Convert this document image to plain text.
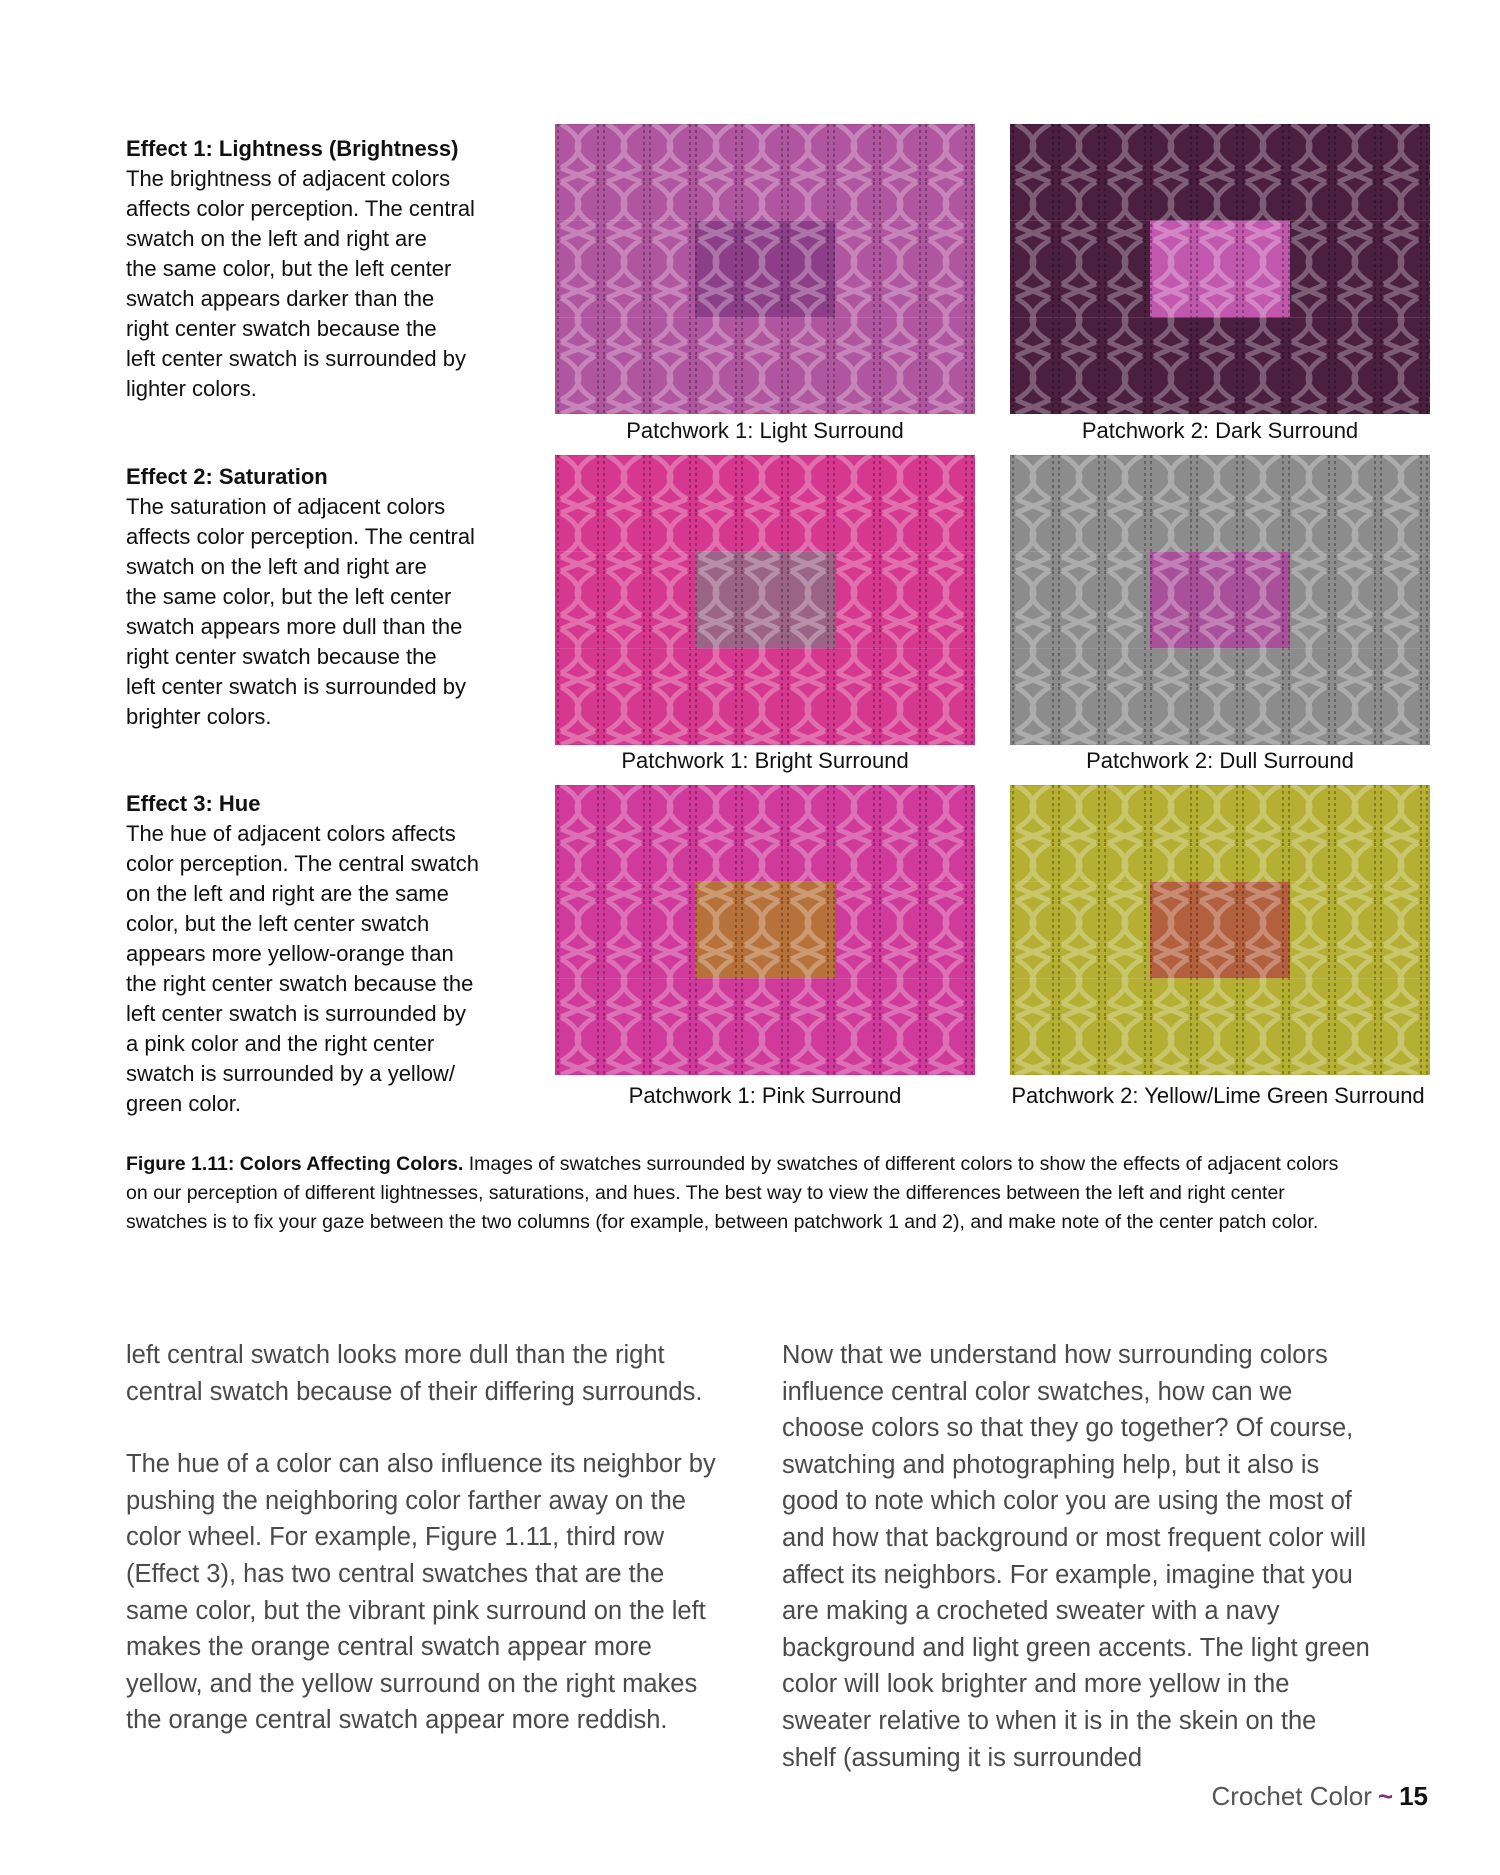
Effect 1: Lightness (Brightness)

The brightness of adjacent colors
affects color perception. The central
swatch on the left and right are
the same color, but the left center
swatch appears darker than the
right center swatch because the
left center swatch is surrounded by
lighter colors.

Effect 2: Saturation

The saturation of adjacent colors
affects color perception. The central
swatch on the left and right are
the same color, but the left center
swatch appears more dull than the
right center swatch because the
left center swatch is surrounded by
brighter colors.

Effect 3: Hue

The hue of adjacent colors affects
color perception. The central swatch
on the left and right are the same
color, but the left center swatch
appears more yellow-orange than
the right center swatch because the
left center swatch is surrounded by
a pink color and the right center
swatch is surrounded by a yellow/
green color.

Patchwork 1: Light Surround	Patchwork 2: Dark Surround
Patchwork 1: Bright Surround	Patchwork 2: Dull Surround
Patchwork 1: Pink Surround	Patchwork 2: Yellow/Lime Green Surround
Figure 1.11: Colors Affecting Colors. Images of swatches surrounded by swatches of different colors to show the effects of adjacent colors on our perception of different lightnesses, saturations, and hues. The best way to view the differences between the left and right center swatches is to fix your gaze between the two columns (for example, between patchwork 1 and 2), and make note of the center patch color.

left central swatch looks more dull than the right central swatch because of their differing surrounds.

The hue of a color can also influence its neighbor by pushing the neighboring color farther away on the color wheel. For example, Figure 1.11, third row (Effect 3), has two central swatches that are the same color, but the vibrant pink surround on the left makes the orange central swatch appear more yellow, and the yellow surround on the right makes the orange central swatch appear more reddish.

Now that we understand how surrounding colors influence central color swatches, how can we choose colors so that they go together? Of course, swatching and photographing help, but it also is good to note which color you are using the most of and how that background or most frequent color will affect its neighbors. For example, imagine that you are making a crocheted sweater with a navy background and light green accents. The light green color will look brighter and more yellow in the sweater relative to when it is in the skein on the shelf (assuming it is surrounded

Crochet Color ~ 15
